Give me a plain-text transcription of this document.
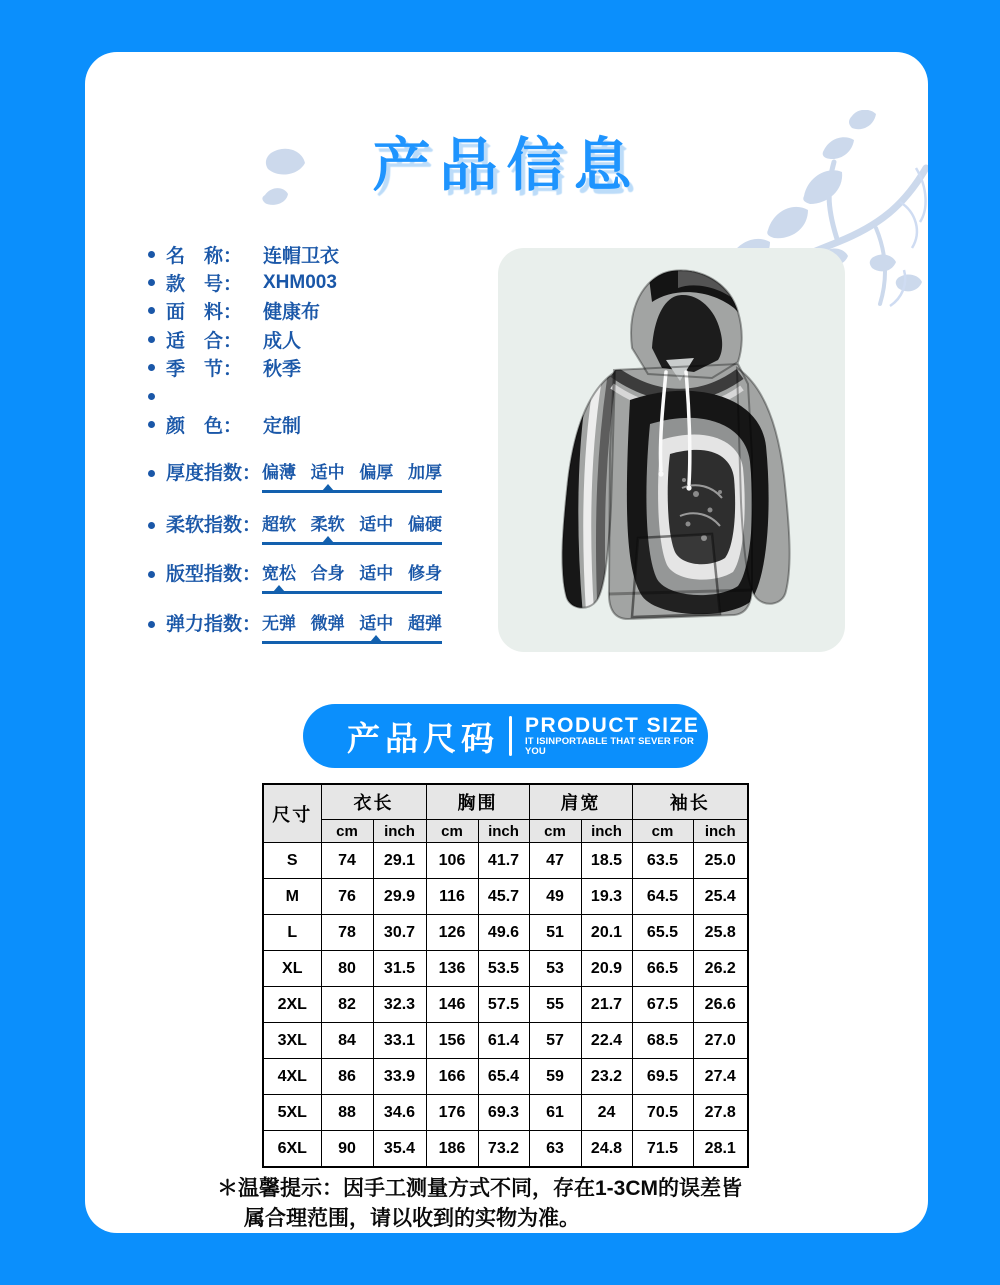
产品信息
名　称：	连帽卫衣
款　号：	XHM003
面　料：	健康布
适　合：	成人
季　节：	秋季
颜　色：	定制
厚度指数： 偏薄 适中 偏厚 加厚
柔软指数： 超软 柔软 适中 偏硬
版型指数： 宽松 合身 适中 修身
弹力指数： 无弹 微弹 适中 超弹
产品尺码 PRODUCT SIZE
IT ISINPORTABLE THAT SEVER FOR YOU
尺寸	衣长		胸围		肩宽		袖长	
	cm	inch	cm	inch	cm	inch	cm	inch
S	74	29.1	106	41.7	47	18.5	63.5	25.0
M	76	29.9	116	45.7	49	19.3	64.5	25.4
L	78	30.7	126	49.6	51	20.1	65.5	25.8
XL	80	31.5	136	53.5	53	20.9	66.5	26.2
2XL	82	32.3	146	57.5	55	21.7	67.5	26.6
3XL	84	33.1	156	61.4	57	22.4	68.5	27.0
4XL	86	33.9	166	65.4	59	23.2	69.5	27.4
5XL	88	34.6	176	69.3	61	24	70.5	27.8
6XL	90	35.4	186	73.2	63	24.8	71.5	28.1
＊温馨提示：因手工测量方式不同，存在1-3CM的误差皆
属合理范围，请以收到的实物为准。
